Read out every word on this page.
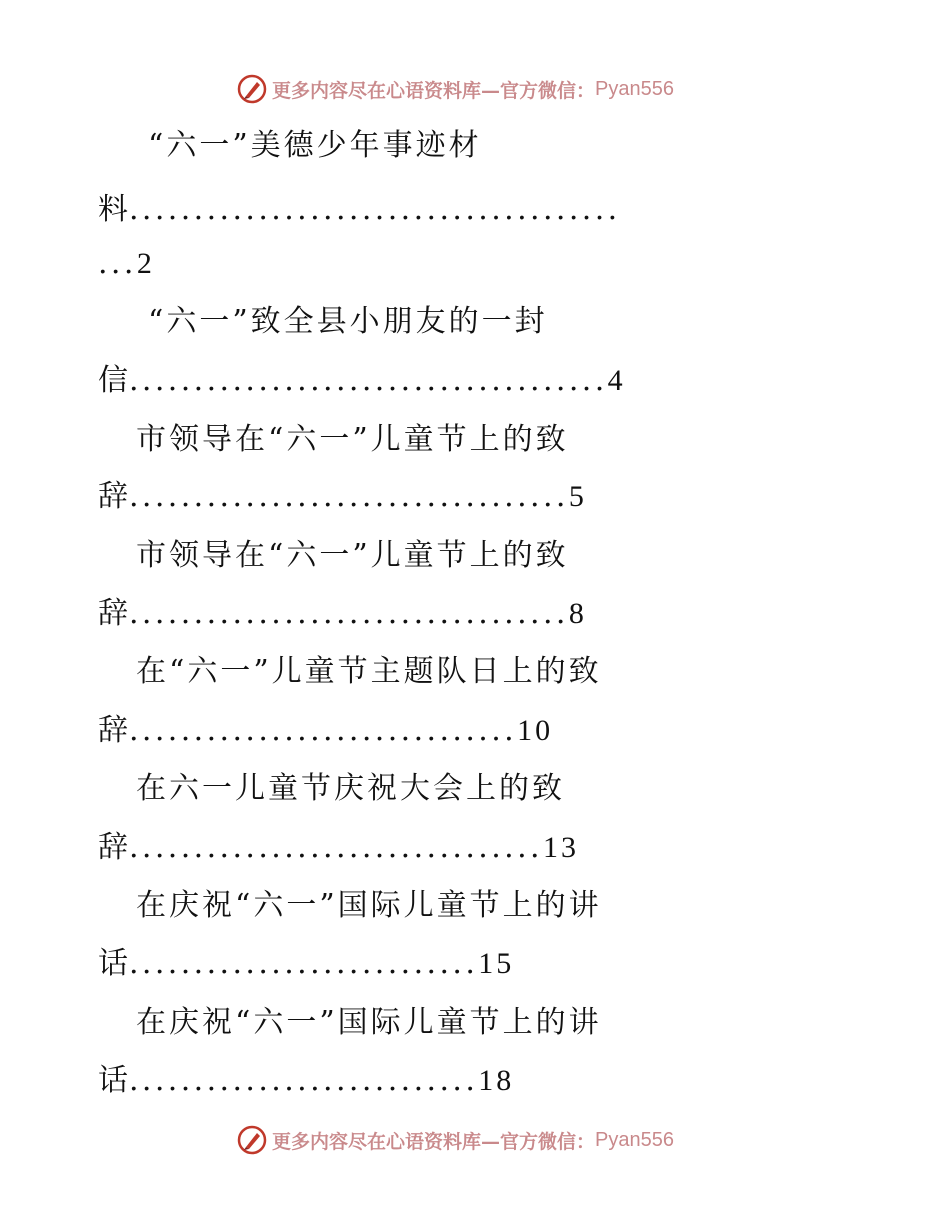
更多内容尽在心语资料库—官方微信： Pyan556
“六一”美德少年事迹材
料......................................
...2
“六一”致全县小朋友的一封
信.....................................4
市领导在“六一”儿童节上的致
辞..................................5
市领导在“六一”儿童节上的致
辞..................................8
在“六一”儿童节主题队日上的致
辞..............................10
在六一儿童节庆祝大会上的致
辞................................13
在庆祝“六一”国际儿童节上的讲
话...........................15
在庆祝“六一”国际儿童节上的讲
话...........................18
更多内容尽在心语资料库—官方微信： Pyan556
